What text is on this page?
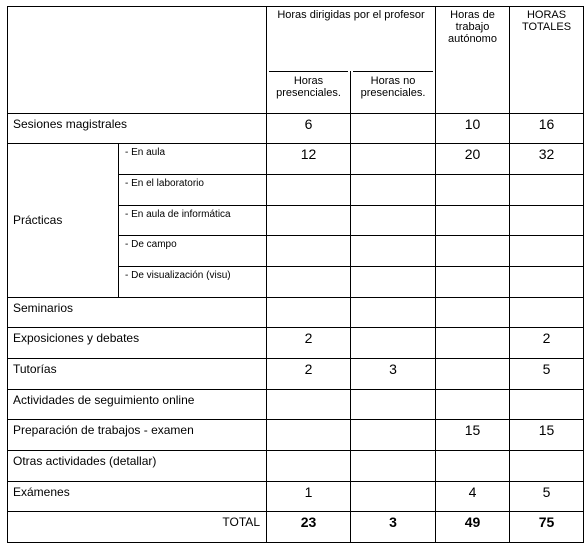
		Horas dirigidas por el profesor		Horas de trabajo autónomo	HORAS TOTALES

		Horas presenciales.	Horas no presenciales.		

Sesiones magistrales		6		10	16
Prácticas	- En aula	12		20	32
	- En el laboratorio				
	- En aula de informática				
	- De campo				
	- De visualización (visu)				
Seminarios					
Exposiciones y debates		2			2
Tutorías		2	3		5
Actividades de seguimiento online					
Preparación de trabajos - examen				15	15
Otras actividades (detallar)					
Exámenes		1		4	5
TOTAL		23	3	49	75
